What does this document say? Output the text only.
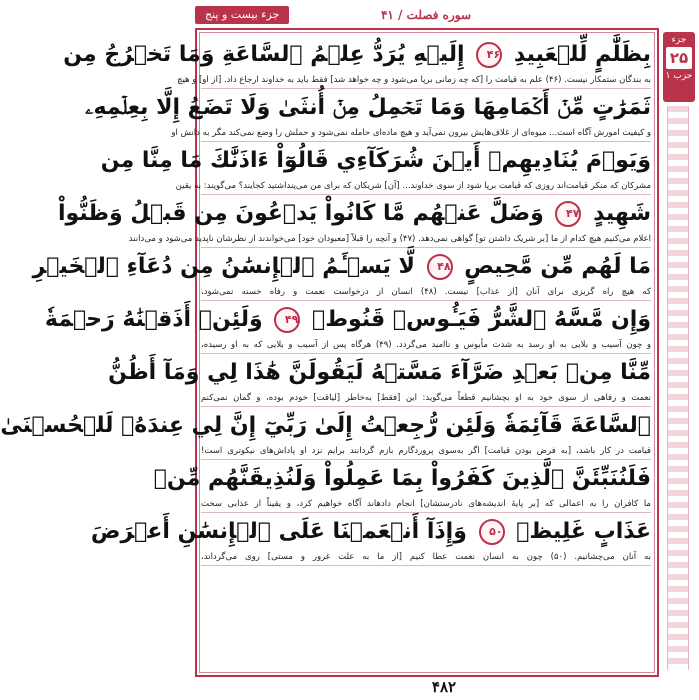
سوره فصلت / ۴۱
جزء بیست و پنج
جزء
۲۵
حزب ۱
بِظَلَّٰمٍ لِّلۡعَبِيدِ ۴۶ إِلَيۡهِ يُرَدُّ عِلۡمُ ٱلسَّاعَةِ وَمَا تَخۡرُجُ مِن
به بندگان ستمکار نیست. (۴۶) علم به قیامت را [که چه زمانی برپا می‌شود و چه خواهد شد] فقط باید به خداوند ارجاع داد. [از او] و هیچ
ثَمَرَٰتٍ مِّنۡ أَكۡمَامِهَا وَمَا تَحۡمِلُ مِنۡ أُنثَىٰ وَلَا تَضَعُ إِلَّا بِعِلۡمِهِۦ
و کیفیت امورش آگاه است... میوه‌ای از غلاف‌هایش بیرون نمی‌آید و هیچ ماده‌ای حامله نمی‌شود و حملش را وضع نمی‌کند مگر به دانش او
وَيَوۡمَ يُنَادِيهِمۡ أَيۡنَ شُرَكَآءِي قَالُوٓاْ ءَاذَنَّٰكَ مَا مِنَّا مِن
مشرکان که منکر قیامت‌اند روزی که قیامت برپا شود از سوی خداوند... [آن] شریکان که برای من می‌پنداشتید کجایند؟ می‌گویند: به یقین
شَهِيدٍ ۴۷ وَضَلَّ عَنۡهُم مَّا كَانُواْ يَدۡعُونَ مِن قَبۡلُ وَظَنُّواْ
اعلام می‌کنیم هیچ کدام از ما [بر شریک داشتن تو] گواهی نمی‌دهد. (۴۷) و آنچه را قبلاً [معبودان خود] می‌خواندند از نظرشان ناپدید می‌شود و می‌دانند
مَا لَهُم مِّن مَّحِيصٍ ۴۸ لَّا يَسۡـَٔمُ ٱلۡإِنسَٰنُ مِن دُعَآءِ ٱلۡخَيۡرِ
که هیچ راه گریزی برای آنان [از عذاب] نیست. (۴۸) انسان از درخواست نعمت و رفاه خسته نمی‌شود،
وَإِن مَّسَّهُ ٱلشَّرُّ فَيَـُٔوسٞ قَنُوطٞ ۴۹ وَلَئِنۡ أَذَقۡنَٰهُ رَحۡمَةٗ
و چون آسیب و بلایی به او رسد به شدت مأیوس و ناامید می‌گردد. (۴۹) هرگاه پس از آسیب و بلایی که به او رسیده،
مِّنَّا مِنۢ بَعۡدِ ضَرَّآءَ مَسَّتۡهُ لَيَقُولَنَّ هَٰذَا لِي وَمَآ أَظُنُّ
نعمت و رفاهی از سوی خود به او بچشانیم قطعاً می‌گوید: این [فقط] به‌خاطر [لیاقت] خودم بوده، و گمان نمی‌کنم
ٱلسَّاعَةَ قَآئِمَةٗ وَلَئِن رُّجِعۡتُ إِلَىٰ رَبِّيٓ إِنَّ لِي عِندَهُۥ لَلۡحُسۡنَىٰ
قیامت در کار باشد، [به فرض بودن قیامت] اگر به‌سوی پروردگارم بازم گردانند برایم نزد او پاداش‌های نیکوتری است!
فَلَنُنَبِّئَنَّ ٱلَّذِينَ كَفَرُواْ بِمَا عَمِلُواْ وَلَنُذِيقَنَّهُم مِّنۡ
ما کافران را به اعمالی که [بر پایهٔ اندیشه‌های نادرستشان] انجام دادهاند آگاه خواهیم کرد، و یقیناً از عذابی سخت
عَذَابٍ غَلِيظٖ ۵۰ وَإِذَآ أَنۡعَمۡنَا عَلَى ٱلۡإِنسَٰنِ أَعۡرَضَ
به آنان می‌چشانیم. (۵۰) چون به انسان نعمت عطا کنیم [از ما به علت غرور و مستی] روی می‌گرداند،
۴۸۲
